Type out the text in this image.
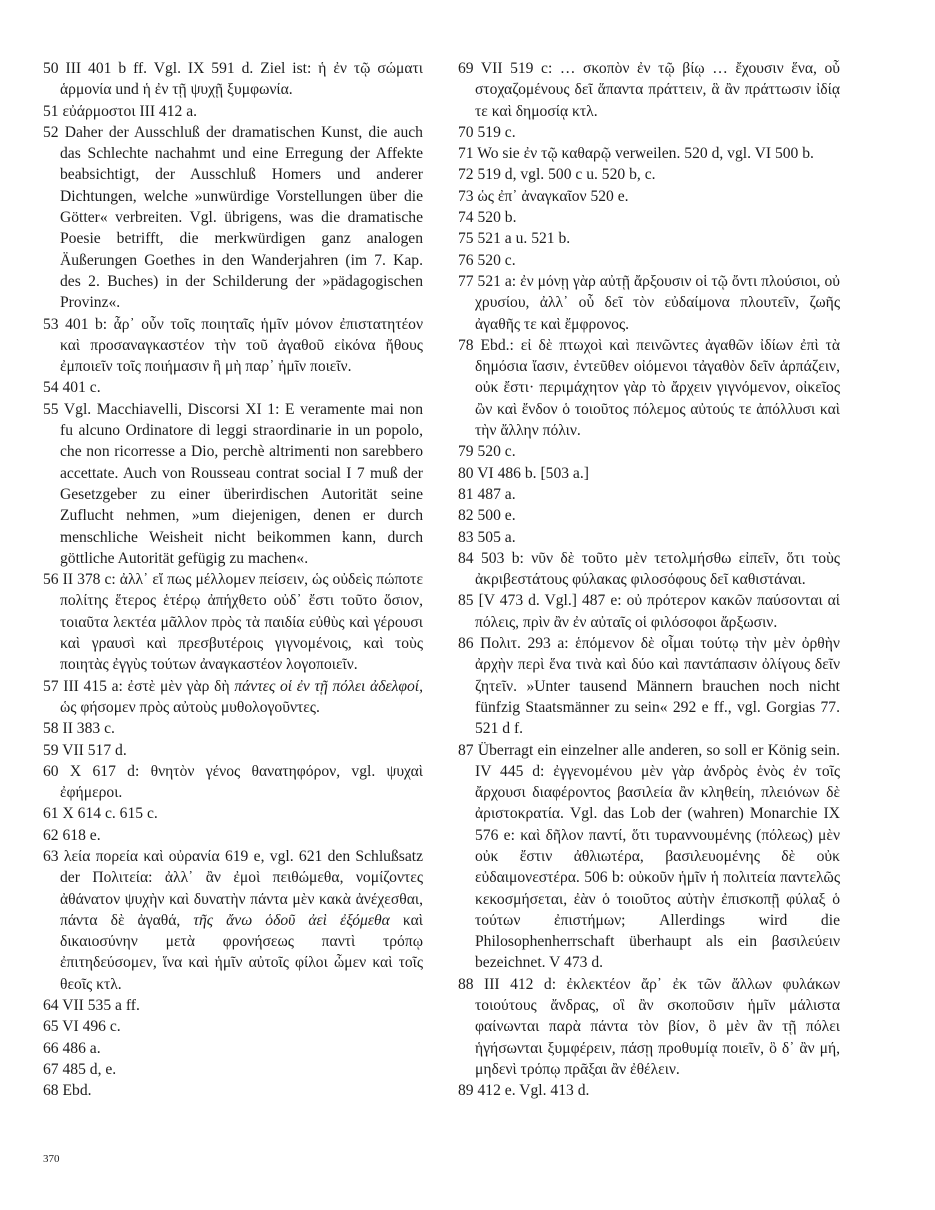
50 III 401 b ff. Vgl. IX 591 d. Ziel ist: ἡ ἐν τῷ σώματι ἁρμονία und ἡ ἐν τῇ ψυχῇ ξυμφωνία.

51 εὐάρμοστοι III 412 a.

52 Daher der Ausschluß der dramatischen Kunst, die auch das Schlechte nachahmt und eine Erregung der Affekte beabsichtigt, der Ausschluß Homers und anderer Dichtungen, welche »unwürdige Vorstellungen über die Götter« verbreiten. Vgl. übrigens, was die dramatische Poesie betrifft, die merkwürdigen ganz analogen Äußerungen Goethes in den Wanderjahren (im 7. Kap. des 2. Buches) in der Schilderung der »pädagogischen Provinz«.

53 401 b: ἆρ᾽ οὖν τοῖς ποιηταῖς ἡμῖν μόνον ἐπιστατητέον καὶ προσαναγκαστέον τὴν τοῦ ἀγαθοῦ εἰκόνα ἤθους ἐμποιεῖν τοῖς ποιήμασιν ἢ μὴ παρ᾽ ἡμῖν ποιεῖν.

54 401 c.

55 Vgl. Macchiavelli, Discorsi XI 1: E veramente mai non fu alcuno Ordinatore di leggi straordinarie in un popolo, che non ricorresse a Dio, perchè altrimenti non sarebbero accettate. Auch von Rousseau contrat social I 7 muß der Gesetzgeber zu einer überirdischen Autorität seine Zuflucht nehmen, »um diejenigen, denen er durch menschliche Weisheit nicht beikommen kann, durch göttliche Autorität gefügig zu machen«.

56 II 378 c: ἀλλ᾽ εἴ πως μέλλομεν πείσειν, ὡς οὐδεὶς πώποτε πολίτης ἕτερος ἑτέρῳ ἀπήχθετο οὐδ᾽ ἔστι τοῦτο ὅσιον, τοιαῦτα λεκτέα μᾶλλον πρὸς τὰ παιδία εὐθὺς καὶ γέρουσι καὶ γραυσὶ καὶ πρεσβυτέροις γιγνομένοις, καὶ τοὺς ποιητὰς ἐγγὺς τούτων ἀναγκαστέον λογοποιεῖν.

57 III 415 a: ἐστὲ μὲν γὰρ δὴ πάντες οἱ ἐν τῇ πόλει ἀδελφοί, ὡς φήσομεν πρὸς αὐτοὺς μυθολογοῦντες.

58 II 383 c.

59 VII 517 d.

60 X 617 d: θνητὸν γένος θανατηφόρον, vgl. ψυχαὶ ἐφήμεροι.

61 X 614 c. 615 c.

62 618 e.

63 λεία πορεία καὶ οὐρανία 619 e, vgl. 621 den Schlußsatz der Πολιτεία: ἀλλ᾽ ἂν ἐμοὶ πειθώμεθα, νομίζοντες ἀθάνατον ψυχὴν καὶ δυνατὴν πάντα μὲν κακὰ ἀνέχεσθαι, πάντα δὲ ἀγαθά, τῆς ἄνω ὁδοῦ ἀεὶ ἐξόμεθα καὶ δικαιοσύνην μετὰ φρονήσεως παντὶ τρόπῳ ἐπιτηδεύσομεν, ἵνα καὶ ἡμῖν αὐτοῖς φίλοι ὦμεν καὶ τοῖς θεοῖς κτλ.

64 VII 535 a ff.

65 VI 496 c.

66 486 a.

67 485 d, e.

68 Ebd.

69 VII 519 c: … σκοπὸν ἐν τῷ βίῳ … ἔχουσιν ἕνα, οὗ στοχαζομένους δεῖ ἅπαντα πράττειν, ἃ ἂν πράττωσιν ἰδίᾳ τε καὶ δημοσίᾳ κτλ.

70 519 c.

71 Wo sie ἐν τῷ καθαρῷ verweilen. 520 d, vgl. VI 500 b.

72 519 d, vgl. 500 c u. 520 b, c.

73 ὡς ἐπ᾽ ἀναγκαῖον 520 e.

74 520 b.

75 521 a u. 521 b.

76 520 c.

77 521 a: ἐν μόνῃ γὰρ αὐτῇ ἄρξουσιν οἱ τῷ ὄντι πλούσιοι, οὐ χρυσίου, ἀλλ᾽ οὗ δεῖ τὸν εὐδαίμονα πλουτεῖν, ζωῆς ἀγαθῆς τε καὶ ἔμφρονος.

78 Ebd.: εἰ δὲ πτωχοὶ καὶ πεινῶντες ἀγαθῶν ἰδίων ἐπὶ τὰ δημόσια ἴασιν, ἐντεῦθεν οἰόμενοι τἀγαθὸν δεῖν ἁρπάζειν, οὐκ ἔστι· περιμάχητον γὰρ τὸ ἄρχειν γιγνόμενον, οἰκεῖος ὢν καὶ ἔνδον ὁ τοιοῦτος πόλεμος αὐτούς τε ἀπόλλυσι καὶ τὴν ἄλλην πόλιν.

79 520 c.

80 VI 486 b. [503 a.]

81 487 a.

82 500 e.

83 505 a.

84 503 b: νῦν δὲ τοῦτο μὲν τετολμήσθω εἰπεῖν, ὅτι τοὺς ἀκριβεστάτους φύλακας φιλοσόφους δεῖ καθιστάναι.

85 [V 473 d. Vgl.] 487 e: οὐ πρότερον κακῶν παύσονται αἱ πόλεις, πρὶν ἂν ἐν αὐταῖς οἱ φιλόσοφοι ἄρξωσιν.

86 Πολιτ. 293 a: ἑπόμενον δὲ οἶμαι τούτῳ τὴν μὲν ὀρθὴν ἀρχὴν περὶ ἕνα τινὰ καὶ δύο καὶ παντάπασιν ὀλίγους δεῖν ζητεῖν. »Unter tausend Männern brauchen noch nicht fünfzig Staatsmänner zu sein« 292 e ff., vgl. Gorgias 77. 521 d f.

87 Überragt ein einzelner alle anderen, so soll er König sein. IV 445 d: ἐγγενομένου μὲν γὰρ ἀνδρὸς ἑνὸς ἐν τοῖς ἄρχουσι διαφέροντος βασιλεία ἂν κληθείη, πλειόνων δὲ ἀριστοκρατία. Vgl. das Lob der (wahren) Monarchie IX 576 e: καὶ δῆλον παντί, ὅτι τυραννουμένης (πόλεως) μὲν οὐκ ἔστιν ἀθλιωτέρα, βασιλευομένης δὲ οὐκ εὐδαιμονεστέρα. 506 b: οὐκοῦν ἡμῖν ἡ πολιτεία παντελῶς κεκοσμήσεται, ἐὰν ὁ τοιοῦτος αὐτὴν ἐπισκοπῇ φύλαξ ὁ τούτων ἐπιστήμων; Allerdings wird die Philosophenherrschaft überhaupt als ein βασιλεύειν bezeichnet. V 473 d.

88 III 412 d: ἐκλεκτέον ἄρ᾽ ἐκ τῶν ἄλλων φυλάκων τοιούτους ἄνδρας, οἳ ἂν σκοποῦσιν ἡμῖν μάλιστα φαίνωνται παρὰ πάντα τὸν βίον, ὃ μὲν ἂν τῇ πόλει ἡγήσωνται ξυμφέρειν, πάσῃ προθυμίᾳ ποιεῖν, ὃ δ᾽ ἂν μή, μηδενὶ τρόπῳ πρᾶξαι ἂν ἐθέλειν.

89 412 e. Vgl. 413 d.

370
